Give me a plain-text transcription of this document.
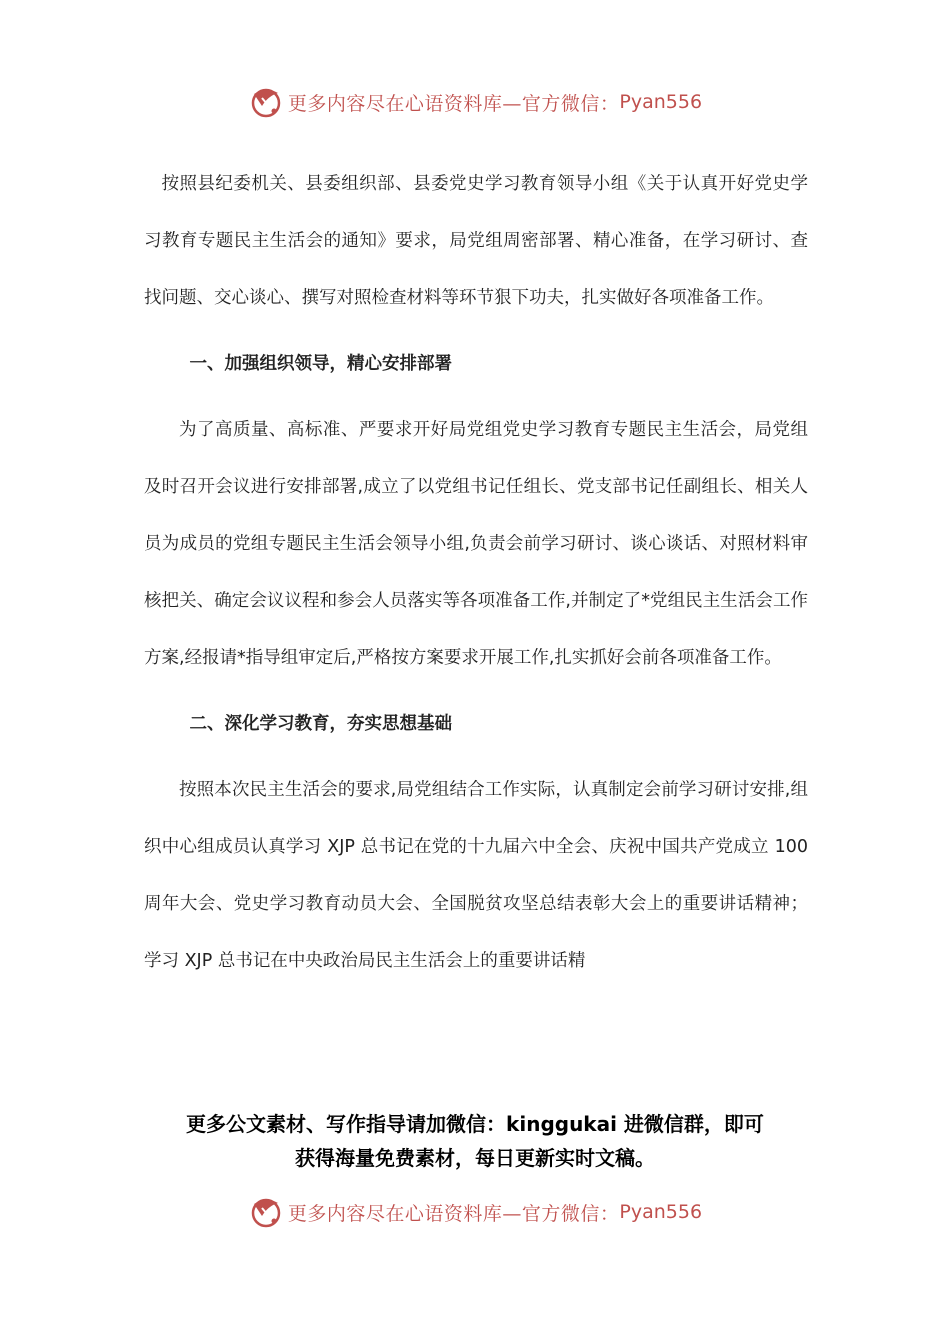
更多内容尽在心语资料库—官方微信： Pyan556

按照县纪委机关、县委组织部、县委党史学习教育领导小组《关于认真开好党史学习教育专题民主生活会的通知》要求，局党组周密部署、精心准备，在学习研讨、查找问题、交心谈心、撰写对照检查材料等环节狠下功夫，扎实做好各项准备工作。

一、加强组织领导，精心安排部署

为了高质量、高标准、严要求开好局党组党史学习教育专题民主生活会，局党组及时召开会议进行安排部署,成立了以党组书记任组长、党支部书记任副组长、相关人员为成员的党组专题民主生活会领导小组,负责会前学习研讨、谈心谈话、对照材料审核把关、确定会议议程和参会人员落实等各项准备工作,并制定了*党组民主生活会工作方案,经报请*指导组审定后,严格按方案要求开展工作,扎实抓好会前各项准备工作。

二、深化学习教育，夯实思想基础

按照本次民主生活会的要求,局党组结合工作实际，认真制定会前学习研讨安排,组织中心组成员认真学习 XJP 总书记在党的十九届六中全会、庆祝中国共产党成立 100 周年大会、党史学习教育动员大会、全国脱贫攻坚总结表彰大会上的重要讲话精神；学习 XJP 总书记在中央政治局民主生活会上的重要讲话精

更多公文素材、写作指导请加微信：kinggukai 进微信群，即可
获得海量免费素材，每日更新实时文稿。
更多内容尽在心语资料库—官方微信： Pyan556
